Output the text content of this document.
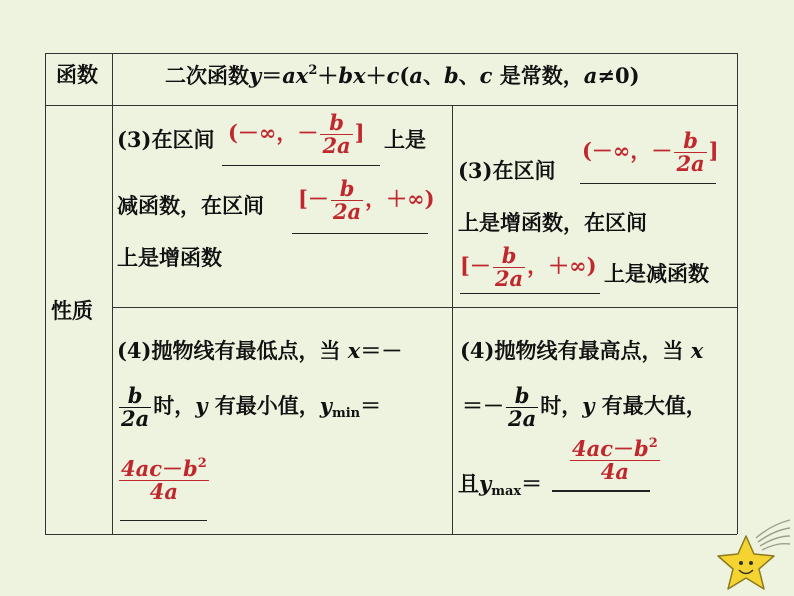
函数	二次函数$y=ax^2+bx+c(a$、b、c 是常数，a≠0)
性质
(3)在区间 (－∞，－ $\frac{b}{2a}$ ] 上是
减函数，在区间 [－ $\frac{b}{2a}$ ，＋∞)
上是增函数
(3)在区间
(－∞，－ $\frac{b}{2a}$ ]
上是增函数，在区间
[－ $\frac{b}{2a}$ ，＋∞) 上是减函数
(4)抛物线有最低点，当 x＝－
$\frac{b}{2a}$ 时，y 有最小值，$y_{min}=$
$\frac{4ac-b^2}{4a}$
(4)抛物线有最高点，当 x
＝－ $\frac{b}{2a}$ 时，y 有最大值，
$\frac{4ac-b^2}{4a}$
且$y_{max}=$
